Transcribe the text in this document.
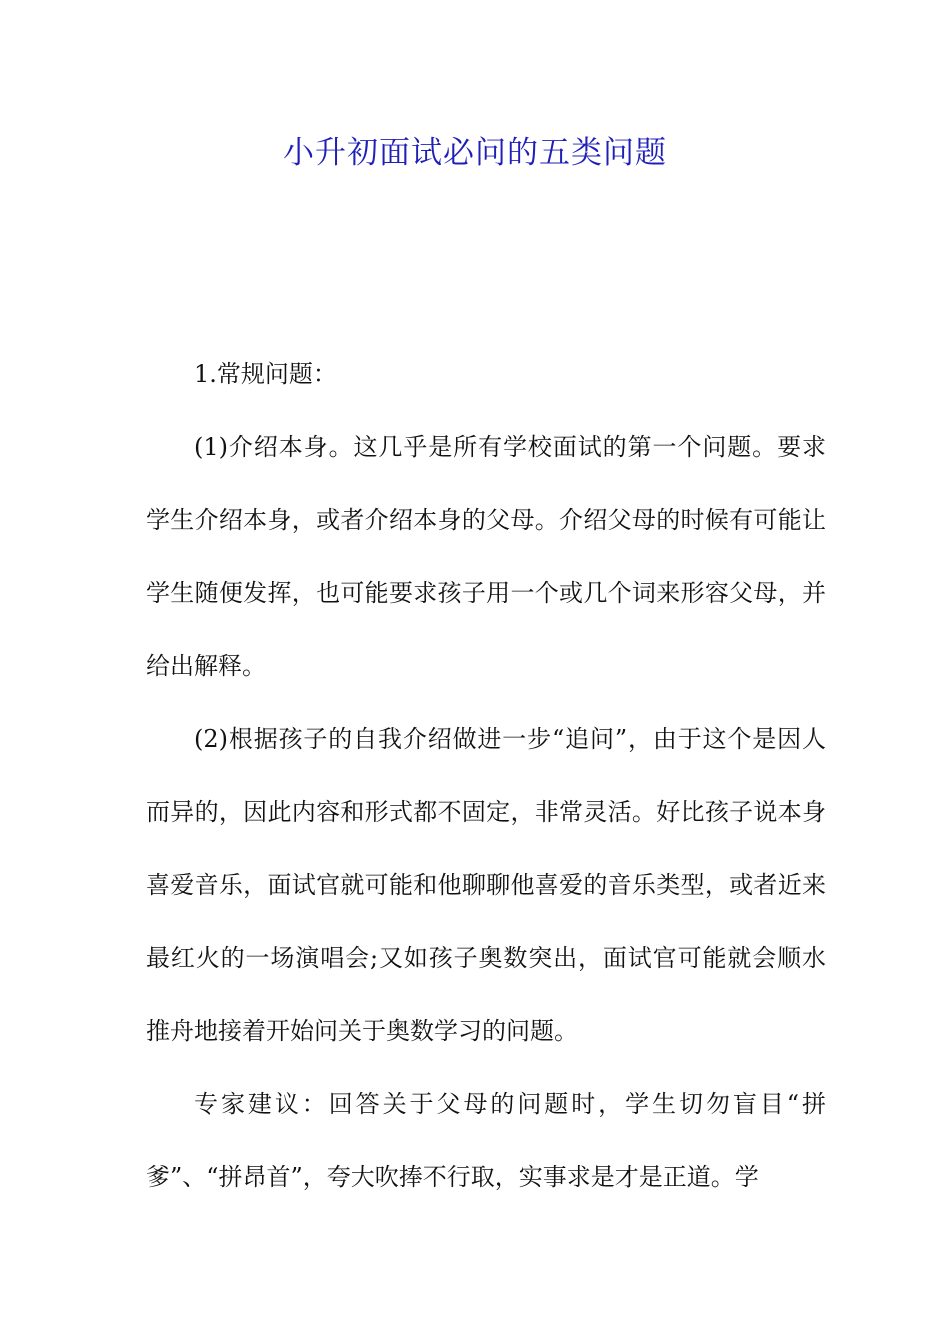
小升初面试必问的五类问题

1.常规问题：

(1)介绍本身。这几乎是所有学校面试的第一个问题。要求学生介绍本身，或者介绍本身的父母。介绍父母的时候有可能让学生随便发挥，也可能要求孩子用一个或几个词来形容父母，并给出解释。

(2)根据孩子的自我介绍做进一步“追问”，由于这个是因人而异的，因此内容和形式都不固定，非常灵活。好比孩子说本身喜爱音乐，面试官就可能和他聊聊他喜爱的音乐类型，或者近来最红火的一场演唱会;又如孩子奥数突出，面试官可能就会顺水推舟地接着开始问关于奥数学习的问题。

专家建议：回答关于父母的问题时，学生切勿盲目“拼爹”、“拼昂首”，夸大吹捧不行取，实事求是才是正道。学
